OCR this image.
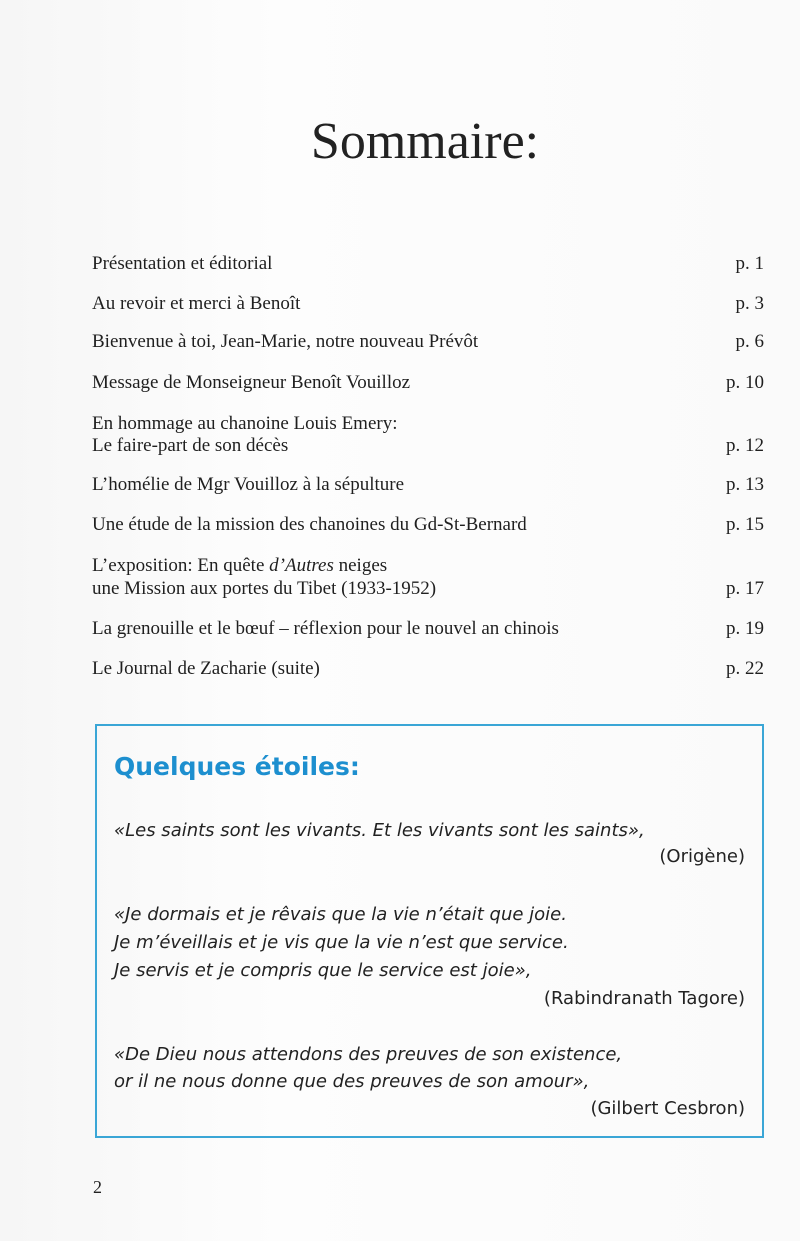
Sommaire:
Présentation et éditorial	p. 1
Au revoir et merci à Benoît	p. 3
Bienvenue à toi, Jean-Marie, notre nouveau Prévôt	p. 6
Message de Monseigneur Benoît Vouilloz	p. 10
En hommage au chanoine Louis Emery:
Le faire-part de son décès	p. 12
L’homélie de Mgr Vouilloz à la sépulture	p. 13
Une étude de la mission des chanoines du Gd-St-Bernard	p. 15
L’exposition: En quête d’Autres neiges
une Mission aux portes du Tibet (1933-1952)	p. 17
La grenouille et le bœuf – réflexion pour le nouvel an chinois	p. 19
Le Journal de Zacharie (suite)	p. 22
Quelques étoiles:
«Les saints sont les vivants. Et les vivants sont les saints»,
(Origène)
«Je dormais et je rêvais que la vie n’était que joie.
Je m’éveillais et je vis que la vie n’est que service.
Je servis et je compris que le service est joie»,
(Rabindranath Tagore)
«De Dieu nous attendons des preuves de son existence,
or il ne nous donne que des preuves de son amour»,
(Gilbert Cesbron)
2
